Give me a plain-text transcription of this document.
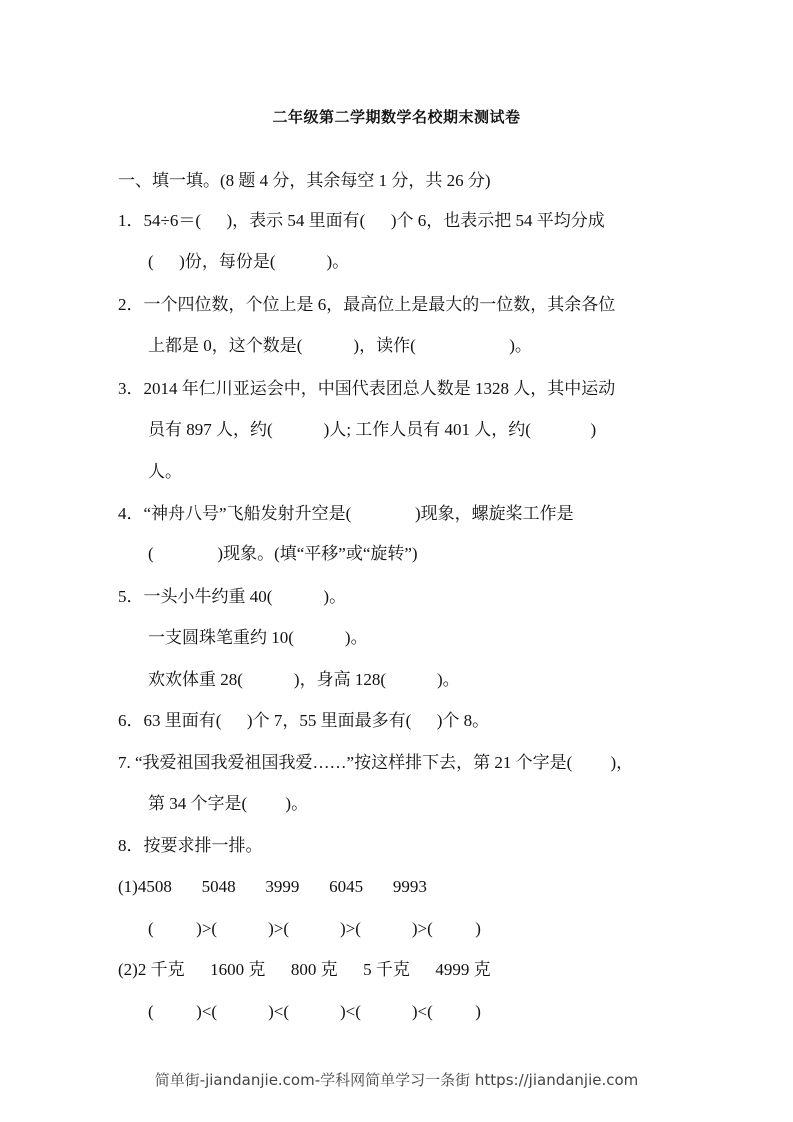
二年级第二学期数学名校期末测试卷
一、填一填。(8 题 4 分，其余每空 1 分，共 26 分)
1．54÷6＝(      )，表示 54 里面有(      )个 6，也表示把 54 平均分成
(      )份，每份是(            )。
2．一个四位数，个位上是 6，最高位上是最大的一位数，其余各位
上都是 0，这个数是(            )，读作(                      )。
3．2014 年仁川亚运会中，中国代表团总人数是 1328 人，其中运动
员有 897 人，约(            )人; 工作人员有 401 人，约(              )
人。
4．“神舟八号”飞船发射升空是(               )现象，螺旋桨工作是
(               )现象。(填“平移”或“旋转”)
5．一头小牛约重 40(            )。
一支圆珠笔重约 10(            )。
欢欢体重 28(            )，身高 128(            )。
6．63 里面有(      )个 7，55 里面最多有(      )个 8。
7. “我爱祖国我爱祖国我爱……”按这样排下去，第 21 个字是(         )，
第 34 个字是(         )。
8．按要求排一排。
(1)4508       5048       3999       6045       9993
(          )>(            )>(            )>(            )>(          )
(2)2 千克      1600 克      800 克      5 千克      4999 克
(          )<(            )<(            )<(            )<(          )
简单街-jiandanjie.com-学科网简单学习一条街 https://jiandanjie.com
